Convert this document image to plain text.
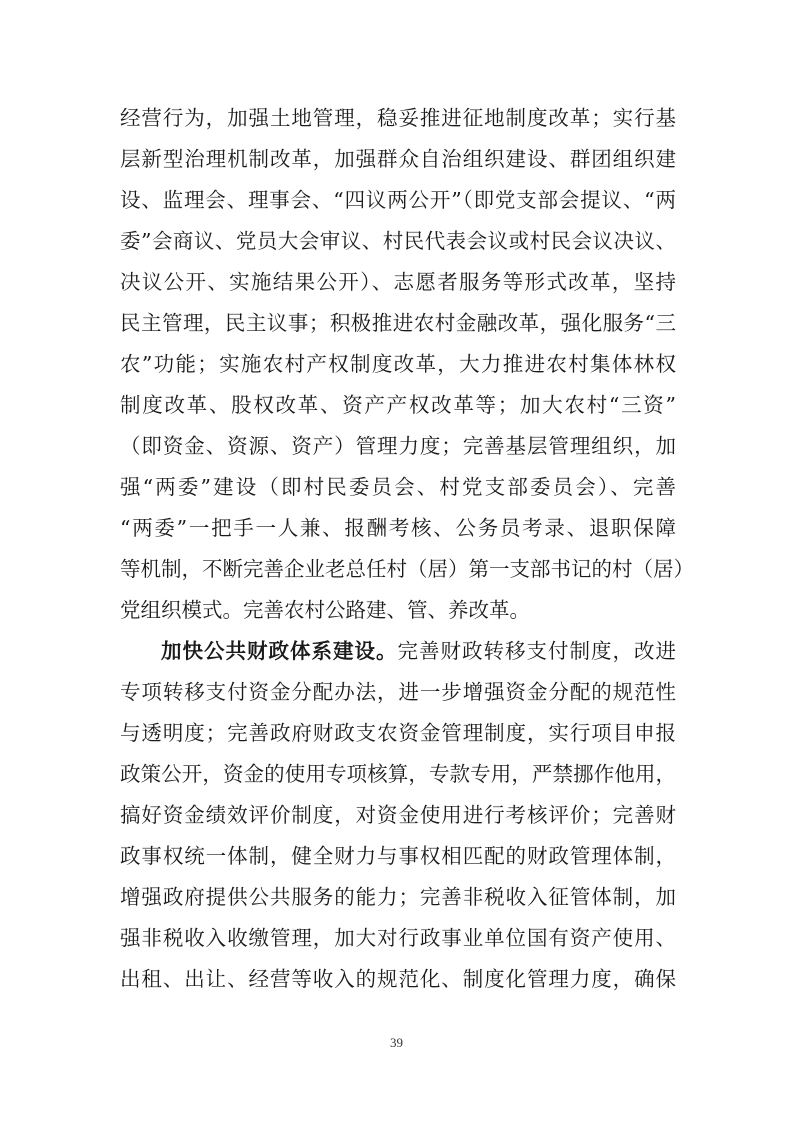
经营行为，加强土地管理，稳妥推进征地制度改革；实行基
层新型治理机制改革，加强群众自治组织建设、群团组织建
设、监理会、理事会、“四议两公开”（即党支部会提议、“两
委”会商议、党员大会审议、村民代表会议或村民会议决议、
决议公开、实施结果公开）、志愿者服务等形式改革，坚持
民主管理，民主议事；积极推进农村金融改革，强化服务“三
农”功能；实施农村产权制度改革，大力推进农村集体林权
制度改革、股权改革、资产产权改革等；加大农村“三资”
（即资金、资源、资产）管理力度；完善基层管理组织，加
强“两委”建设（即村民委员会、村党支部委员会）、完善
“两委”一把手一人兼、报酬考核、公务员考录、退职保障
等机制，不断完善企业老总任村（居）第一支部书记的村（居）
党组织模式。完善农村公路建、管、养改革。
加快公共财政体系建设。完善财政转移支付制度，改进
专项转移支付资金分配办法，进一步增强资金分配的规范性
与透明度；完善政府财政支农资金管理制度，实行项目申报
政策公开，资金的使用专项核算，专款专用，严禁挪作他用，
搞好资金绩效评价制度，对资金使用进行考核评价；完善财
政事权统一体制，健全财力与事权相匹配的财政管理体制，
增强政府提供公共服务的能力；完善非税收入征管体制，加
强非税收入收缴管理，加大对行政事业单位国有资产使用、
出租、出让、经营等收入的规范化、制度化管理力度，确保
39
